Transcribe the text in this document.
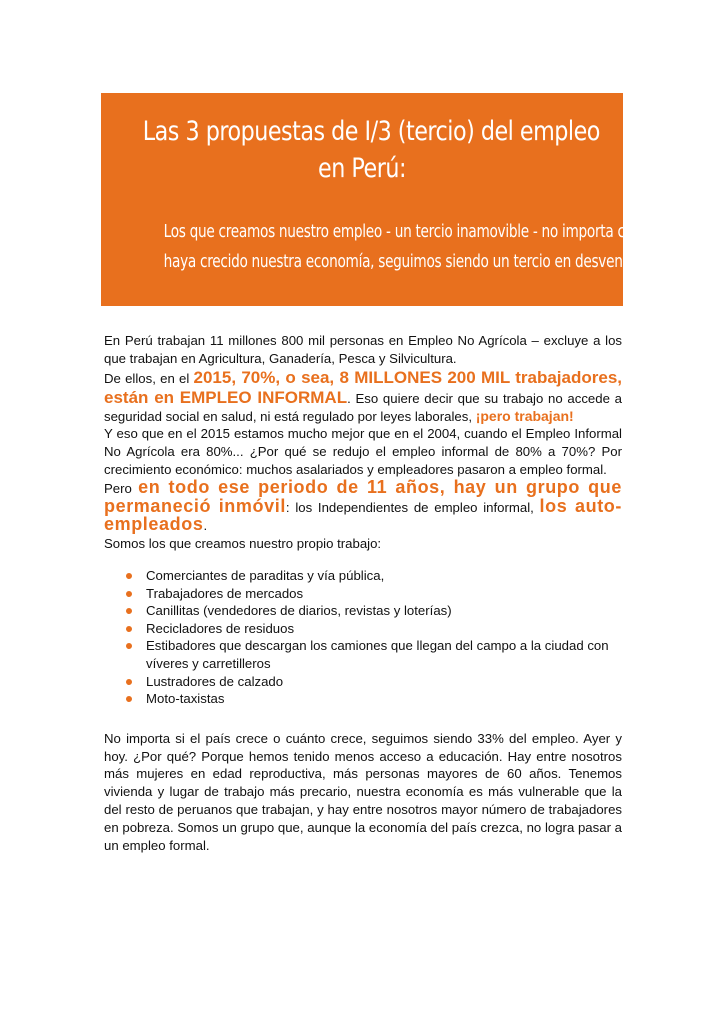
Las 3 propuestas de I/3 (tercio) del empleo
en Perú:
Los que creamos nuestro empleo - un tercio inamovible - no importa cuánto
haya crecido nuestra economía, seguimos siendo un tercio en desventaja.

En Perú trabajan 11 millones 800 mil personas en Empleo No Agrícola – excluye a los que trabajan en Agricultura, Ganadería, Pesca y Silvicultura.

De ellos, en el 2015, 70%, o sea, 8 MILLONES 200 MIL trabajadores, están en EMPLEO INFORMAL. Eso quiere decir que su trabajo no accede a seguridad social en salud, ni está regulado por leyes laborales, ¡pero trabajan!

Y eso que en el 2015 estamos mucho mejor que en el 2004, cuando el Empleo Informal No Agrícola era 80%... ¿Por qué se redujo el empleo informal de 80% a 70%? Por crecimiento económico: muchos asalariados y empleadores pasaron a empleo formal.

Pero en todo ese periodo de 11 años, hay un grupo que permaneció inmóvil: los Independientes de empleo informal, los auto-empleados.

Somos los que creamos nuestro propio trabajo:

Comerciantes de paraditas y vía pública,
Trabajadores de mercados
Canillitas (vendedores de diarios, revistas y loterías)
Recicladores de residuos
Estibadores que descargan los camiones que llegan del campo a la ciudad con víveres y carretilleros
Lustradores de calzado
Moto-taxistas

No importa si el país crece o cuánto crece, seguimos siendo 33% del empleo. Ayer y hoy. ¿Por qué? Porque hemos tenido menos acceso a educación. Hay entre nosotros más mujeres en edad reproductiva, más personas mayores de 60 años. Tenemos vivienda y lugar de trabajo más precario, nuestra economía es más vulnerable que la del resto de peruanos que trabajan, y hay entre nosotros mayor número de trabajadores en pobreza. Somos un grupo que, aunque la economía del país crezca, no logra pasar a un empleo formal.
